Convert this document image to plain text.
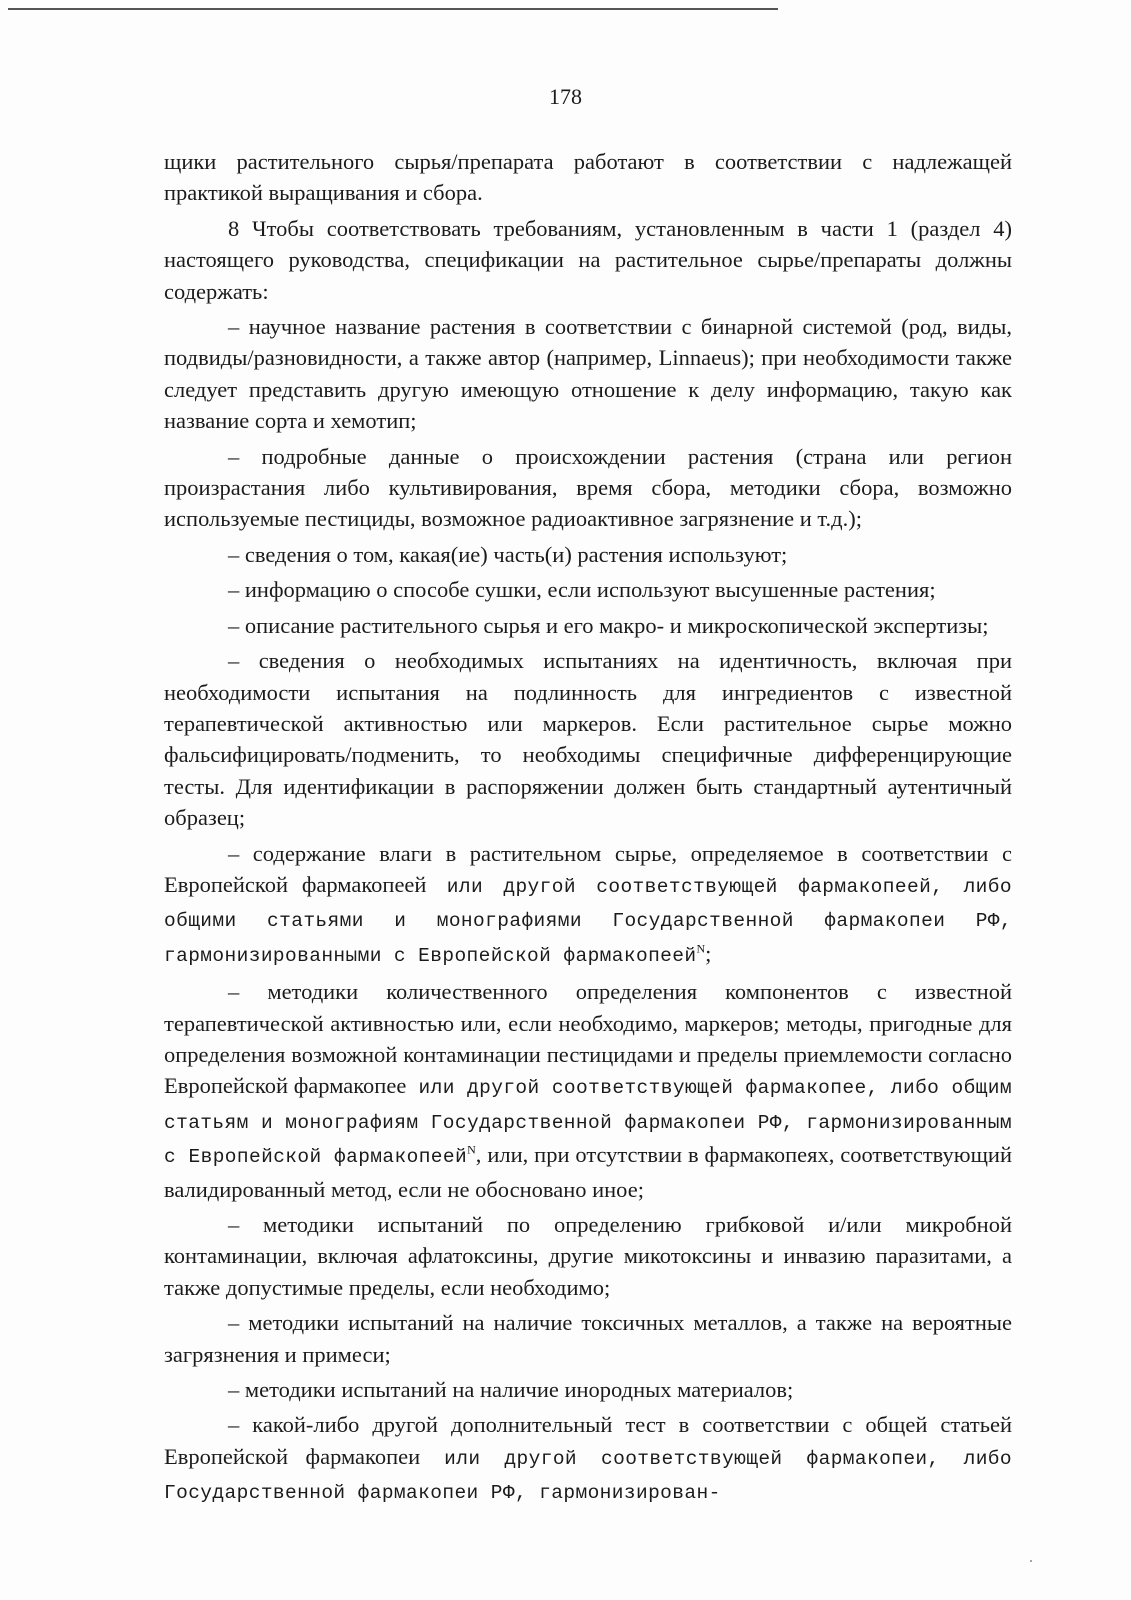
178

щики растительного сырья/препарата работают в соответствии с надлежащей практикой выращивания и сбора.

8 Чтобы соответствовать требованиям, установленным в части 1 (раздел 4) настоящего руководства, спецификации на растительное сырье/препараты должны содержать:

– научное название растения в соответствии с бинарной системой (род, виды, подвиды/разновидности, а также автор (например, Linnaeus); при необходимости также следует представить другую имеющую отношение к делу информацию, такую как название сорта и хемотип;

– подробные данные о происхождении растения (страна или регион произрастания либо культивирования, время сбора, методики сбора, возможно используемые пестициды, возможное радиоактивное загрязнение и т.д.);

– сведения о том, какая(ие) часть(и) растения используют;

– информацию о способе сушки, если используют высушенные растения;

– описание растительного сырья и его макро- и микроскопической экспертизы;

– сведения о необходимых испытаниях на идентичность, включая при необходимости испытания на подлинность для ингредиентов с известной терапевтической активностью или маркеров. Если растительное сырье можно фальсифицировать/подменить, то необходимы специфичные дифференцирующие тесты. Для идентификации в распоряжении должен быть стандартный аутентичный образец;

– содержание влаги в растительном сырье, определяемое в соответствии с Европейской фармакопеей или другой соответствующей фармакопеей, либо общими статьями и монографиями Государственной фармакопеи РФ, гармонизированными с Европейской фармакопеей$^N$;

– методики количественного определения компонентов с известной терапевтической активностью или, если необходимо, маркеров; методы, пригодные для определения возможной контаминации пестицидами и пределы приемлемости согласно Европейской фармакопее или другой соответствующей фармакопее, либо общим статьям и монографиям Государственной фармакопеи РФ, гармонизированным с Европейской фармакопеей$^N$, или, при отсутствии в фармакопеях, соответствующий валидированный метод, если не обосновано иное;

– методики испытаний по определению грибковой и/или микробной контаминации, включая афлатоксины, другие микотоксины и инвазию паразитами, а также допустимые пределы, если необходимо;

– методики испытаний на наличие токсичных металлов, а также на вероятные загрязнения и примеси;

– методики испытаний на наличие инородных материалов;

– какой-либо другой дополнительный тест в соответствии с общей статьей Европейской фармакопеи или другой соответствующей фармакопеи, либо Государственной фармакопеи РФ, гармонизирован-
